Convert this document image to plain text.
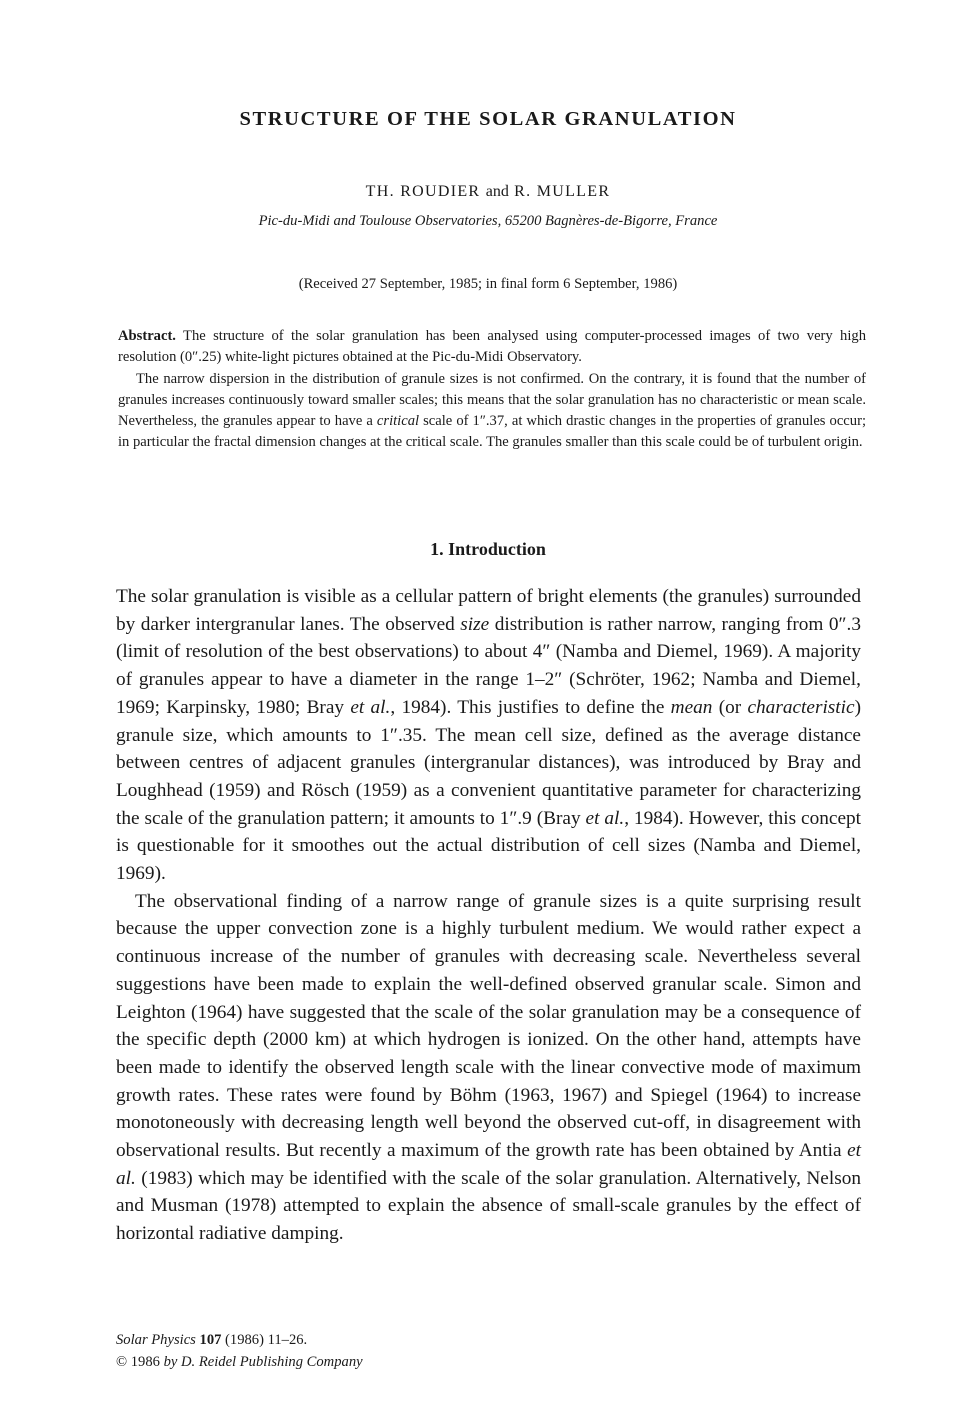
STRUCTURE OF THE SOLAR GRANULATION
TH. ROUDIER and R. MULLER
Pic-du-Midi and Toulouse Observatories, 65200 Bagnères-de-Bigorre, France
(Received 27 September, 1985; in final form 6 September, 1986)

Abstract. The structure of the solar granulation has been analysed using computer-processed images of two very high resolution (0″.25) white-light pictures obtained at the Pic-du-Midi Observatory.

The narrow dispersion in the distribution of granule sizes is not confirmed. On the contrary, it is found that the number of granules increases continuously toward smaller scales; this means that the solar granulation has no characteristic or mean scale. Nevertheless, the granules appear to have a critical scale of 1″.37, at which drastic changes in the properties of granules occur; in particular the fractal dimension changes at the critical scale. The granules smaller than this scale could be of turbulent origin.

1. Introduction

The solar granulation is visible as a cellular pattern of bright elements (the granules) surrounded by darker intergranular lanes. The observed size distribution is rather narrow, ranging from 0″.3 (limit of resolution of the best observations) to about 4″ (Namba and Diemel, 1969). A majority of granules appear to have a diameter in the range 1–2″ (Schröter, 1962; Namba and Diemel, 1969; Karpinsky, 1980; Bray et al., 1984). This justifies to define the mean (or characteristic) granule size, which amounts to 1″.35. The mean cell size, defined as the average distance between centres of adjacent granules (intergranular distances), was introduced by Bray and Loughhead (1959) and Rösch (1959) as a convenient quantitative parameter for characterizing the scale of the granulation pattern; it amounts to 1″.9 (Bray et al., 1984). However, this concept is questionable for it smoothes out the actual distribution of cell sizes (Namba and Diemel, 1969).

The observational finding of a narrow range of granule sizes is a quite surprising result because the upper convection zone is a highly turbulent medium. We would rather expect a continuous increase of the number of granules with decreasing scale. Nevertheless several suggestions have been made to explain the well-defined observed granular scale. Simon and Leighton (1964) have suggested that the scale of the solar granulation may be a consequence of the specific depth (2000 km) at which hydrogen is ionized. On the other hand, attempts have been made to identify the observed length scale with the linear convective mode of maximum growth rates. These rates were found by Böhm (1963, 1967) and Spiegel (1964) to increase monotoneously with decreasing length well beyond the observed cut-off, in disagreement with observational results. But recently a maximum of the growth rate has been obtained by Antia et al. (1983) which may be identified with the scale of the solar granulation. Alternatively, Nelson and Musman (1978) attempted to explain the absence of small-scale granules by the effect of horizontal radiative damping.

Solar Physics 107 (1986) 11–26.
© 1986 by D. Reidel Publishing Company
